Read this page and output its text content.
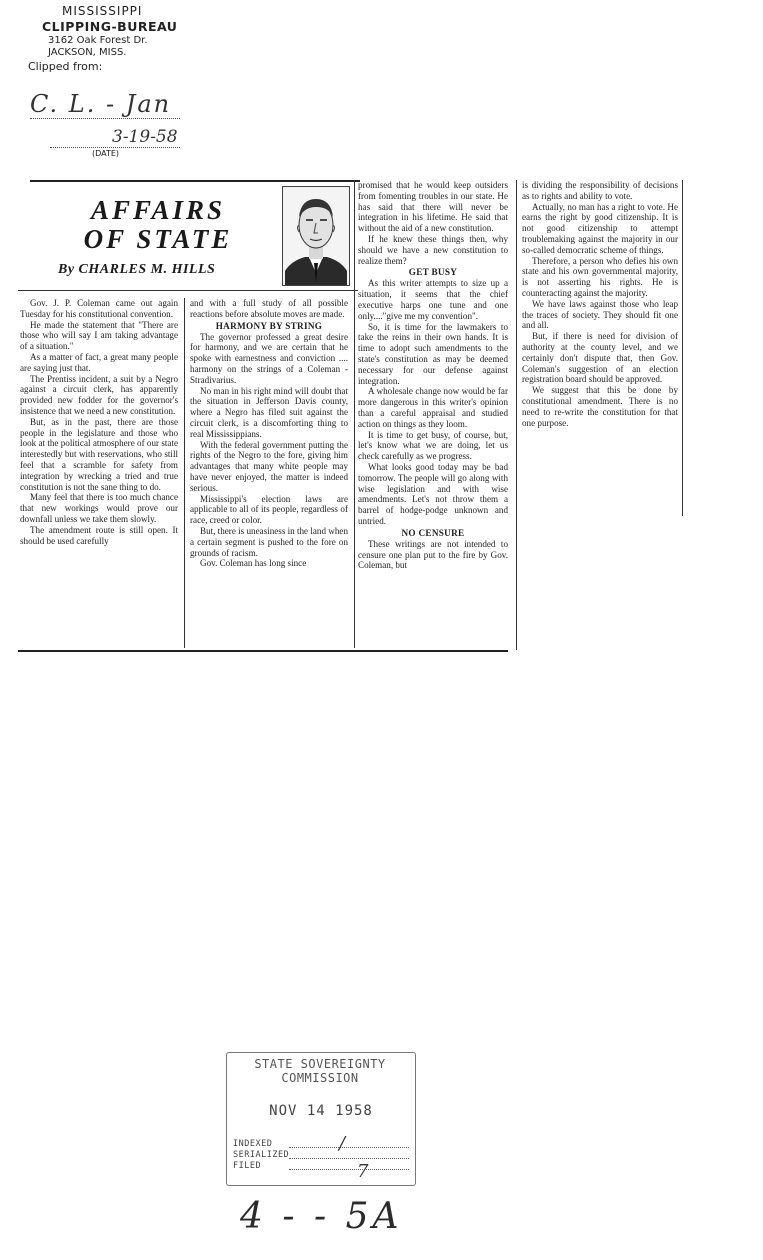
MISSISSIPPI
CLIPPING-BUREAU
3162 Oak Forest Dr.
JACKSON, MISS.
Clipped from:
C. L. - Jan
3-19-58
(DATE)
AFFAIRS
OF STATE
By CHARLES M. HILLS

Gov. J. P. Coleman came out again Tuesday for his constitutional convention.

He made the statement that "There are those who will say I am taking advantage of a situation."

As a matter of fact, a great many people are saying just that.

The Prentiss incident, a suit by a Negro against a circuit clerk, has apparently provided new fodder for the governor's insistence that we need a new constitution.

But, as in the past, there are those people in the legislature and those who look at the political atmosphere of our state interestedly but with reservations, who still feel that a scramble for safety from integration by wrecking a tried and true constitution is not the sane thing to do.

Many feel that there is too much chance that new workings would prove our downfall unless we take them slowly.

The amendment route is still open. It should be used carefully

and with a full study of all possible reactions before absolute moves are made.

HARMONY BY STRING

The governor professed a great desire for harmony, and we are certain that he spoke with earnestness and conviction .... harmony on the strings of a Coleman - Stradivarius.

No man in his right mind will doubt that the situation in Jefferson Davis county, where a Negro has filed suit against the circuit clerk, is a discomforting thing to real Mississippians.

With the federal government putting the rights of the Negro to the fore, giving him advantages that many white people may have never enjoyed, the matter is indeed serious.

Mississippi's election laws are applicable to all of its people, regardless of race, creed or color.

But, there is uneasiness in the land when a certain segment is pushed to the fore on grounds of racism.

Gov. Coleman has long since

promised that he would keep outsiders from fomenting troubles in our state. He has said that there will never be integration in his lifetime. He said that without the aid of a new constitution.

If he knew these things then, why should we have a new constitution to realize them?

GET BUSY

As this writer attempts to size up a situation, it seems that the chief executive harps one tune and one only...."give me my convention".

So, it is time for the lawmakers to take the reins in their own hands. It is time to adopt such amendments to the state's constitution as may be deemed necessary for our defense against integration.

A wholesale change now would be far more dangerous in this writer's opinion than a careful appraisal and studied action on things as they loom.

It is time to get busy, of course, but, let's know what we are doing, let us check carefully as we progress.

What looks good today may be bad tomorrow. The people will go along with wise legislation and with wise amendments. Let's not throw them a barrel of hodge-podge unknown and untried.

NO CENSURE

These writings are not intended to censure one plan put to the fire by Gov. Coleman, but

is dividing the responsibility of decisions as to rights and ability to vote.

Actually, no man has a right to vote. He earns the right by good citizenship. It is not good citizenship to attempt troublemaking against the majority in our so-called democratic scheme of things.

Therefore, a person who defies his own state and his own governmental majority, is not asserting his rights. He is counteracting against the majority.

We have laws against those who leap the traces of society. They should fit one and all.

But, if there is need for division of authority at the county level, and we certainly don't dispute that, then Gov. Coleman's suggestion of an election registration board should be approved.

We suggest that this be done by constitutional amendment. There is no need to re-write the constitution for that one purpose.

STATE SOVEREIGNTY COMMISSION
NOV 14 1958
INDEXED
SERIALIZED
FILED
/
7
4 - - 5A
